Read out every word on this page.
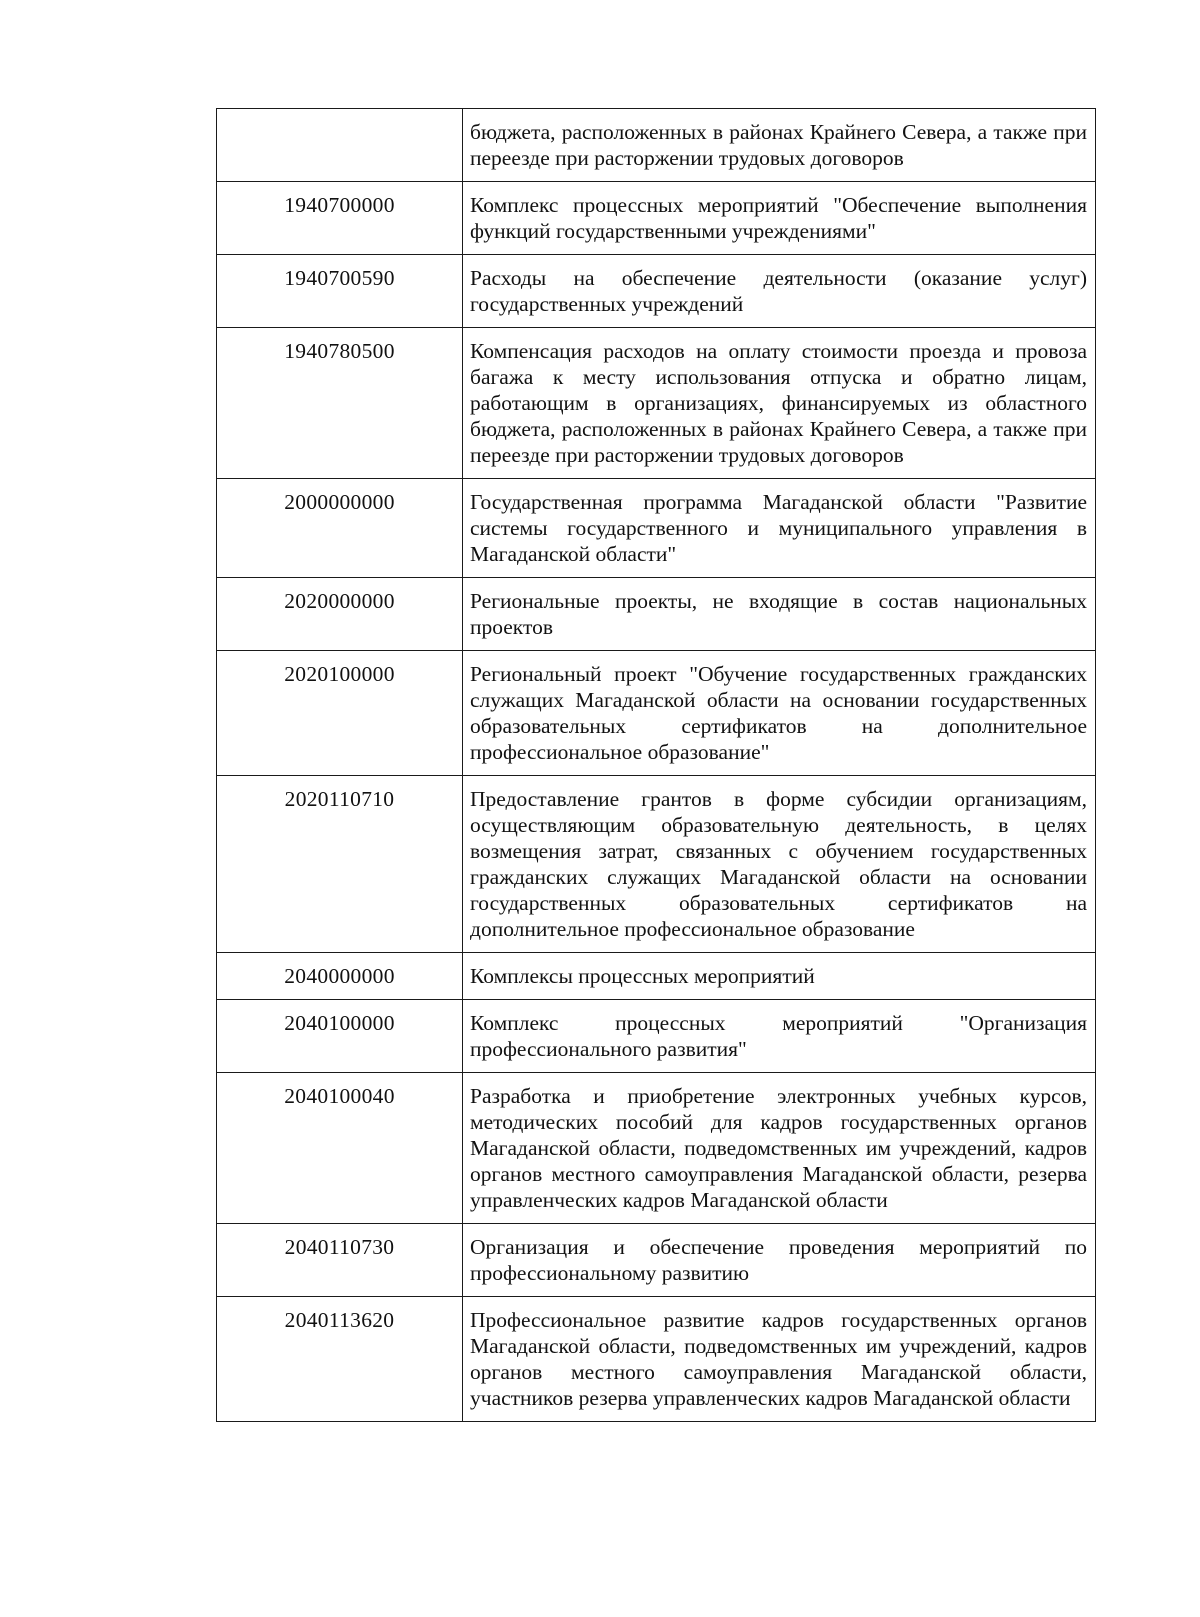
	бюджета, расположенных в районах Крайнего Севера, а также при переезде при расторжении трудовых договоров
1940700000	Комплекс процессных мероприятий "Обеспечение выполнения функций государственными учреждениями"
1940700590	Расходы на обеспечение деятельности (оказание услуг) государственных учреждений
1940780500	Компенсация расходов на оплату стоимости проезда и провоза багажа к месту использования отпуска и обратно лицам, работающим в организациях, финансируемых из областного бюджета, расположенных в районах Крайнего Севера, а также при переезде при расторжении трудовых договоров
2000000000	Государственная программа Магаданской области "Развитие системы государственного и муниципального управления в Магаданской области"
2020000000	Региональные проекты, не входящие в состав национальных проектов
2020100000	Региональный проект "Обучение государственных гражданских служащих Магаданской области на основании государственных образовательных сертификатов на дополнительное профессиональное образование"
2020110710	Предоставление грантов в форме субсидии организациям, осуществляющим образовательную деятельность, в целях возмещения затрат, связанных с обучением государственных гражданских служащих Магаданской области на основании государственных образовательных сертификатов на дополнительное профессиональное образование
2040000000	Комплексы процессных мероприятий
2040100000	Комплекс процессных мероприятий "Организация профессионального развития"
2040100040	Разработка и приобретение электронных учебных курсов, методических пособий для кадров государственных органов Магаданской области, подведомственных им учреждений, кадров органов местного самоуправления Магаданской области, резерва управленческих кадров Магаданской области
2040110730	Организация и обеспечение проведения мероприятий по профессиональному развитию
2040113620	Профессиональное развитие кадров государственных органов Магаданской области, подведомственных им учреждений, кадров органов местного самоуправления Магаданской области, участников резерва управленческих кадров Магаданской области
